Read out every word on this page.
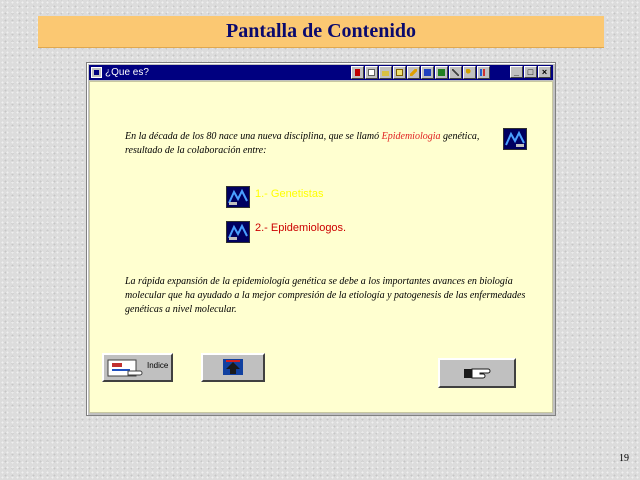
Pantalla de Contenido
¿Que es?	_ □ ×
En la década de los 80 nace una nueva disciplina, que se llamó Epidemiologia genética, resultado de la colaboración entre:
1.- Genetistas
2.- Epidemiologos.
La rápida expansión de la epidemiología genética se debe a los importantes avances en biología molecular que ha ayudado a la mejor compresión de la etiología y patogenesis de las enfermedades genéticas a nivel molecular.
Indice
19
